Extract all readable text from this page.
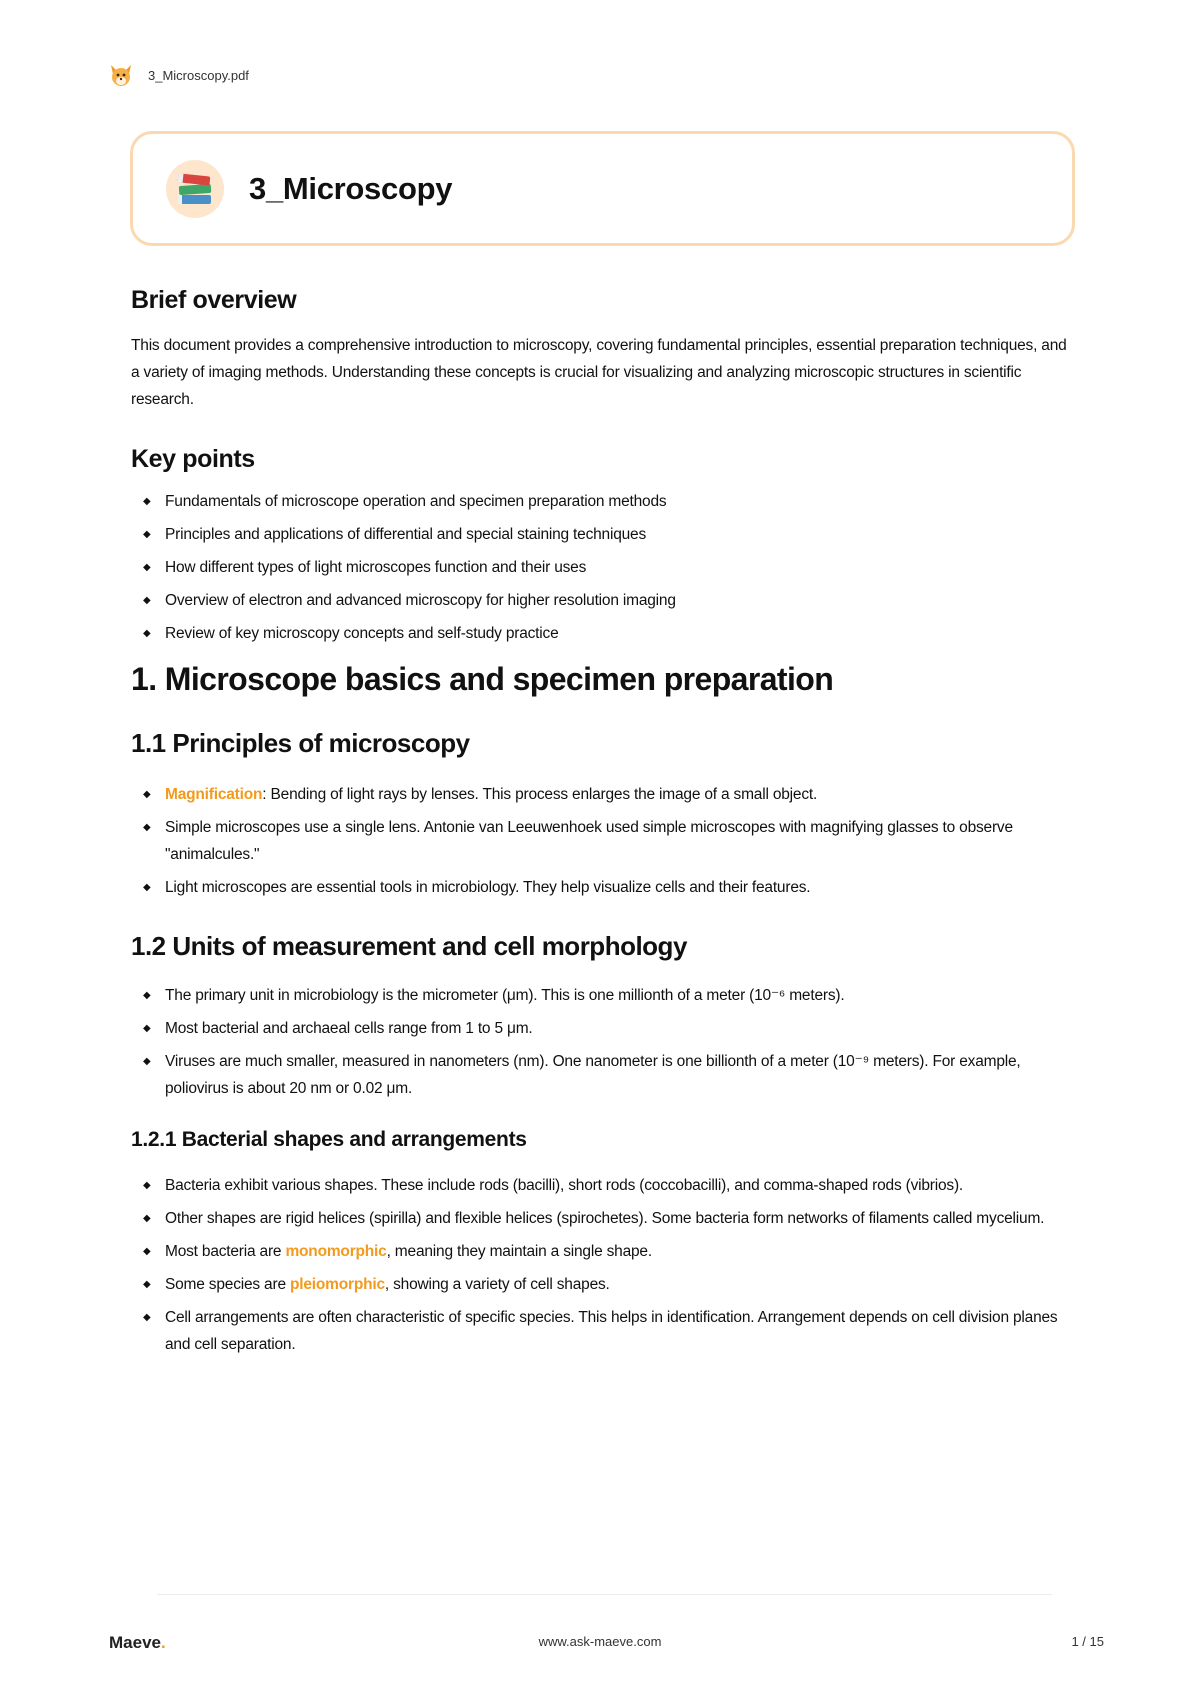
3_Microscopy.pdf
3_Microscopy
Brief overview

This document provides a comprehensive introduction to microscopy, covering fundamental principles, essential preparation techniques, and a variety of imaging methods. Understanding these concepts is crucial for visualizing and analyzing microscopic structures in scientific research.

Key points
◆ Fundamentals of microscope operation and specimen preparation methods
◆ Principles and applications of differential and special staining techniques
◆ How different types of light microscopes function and their uses
◆ Overview of electron and advanced microscopy for higher resolution imaging
◆ Review of key microscopy concepts and self-study practice
1. Microscope basics and specimen preparation
1.1 Principles of microscopy
◆ Magnification: Bending of light rays by lenses. This process enlarges the image of a small object.
◆ Simple microscopes use a single lens. Antonie van Leeuwenhoek used simple microscopes with magnifying glasses to observe "animalcules."
◆ Light microscopes are essential tools in microbiology. They help visualize cells and their features.
1.2 Units of measurement and cell morphology
◆ The primary unit in microbiology is the micrometer (μm). This is one millionth of a meter (10⁻⁶ meters).
◆ Most bacterial and archaeal cells range from 1 to 5 μm.
◆ Viruses are much smaller, measured in nanometers (nm). One nanometer is one billionth of a meter (10⁻⁹ meters). For example, poliovirus is about 20 nm or 0.02 μm.
1.2.1 Bacterial shapes and arrangements
◆ Bacteria exhibit various shapes. These include rods (bacilli), short rods (coccobacilli), and comma-shaped rods (vibrios).
◆ Other shapes are rigid helices (spirilla) and flexible helices (spirochetes). Some bacteria form networks of filaments called mycelium.
◆ Most bacteria are monomorphic, meaning they maintain a single shape.
◆ Some species are pleiomorphic, showing a variety of cell shapes.
◆ Cell arrangements are often characteristic of specific species. This helps in identification. Arrangement depends on cell division planes and cell separation.
Maeve.	www.ask-maeve.com	1 / 15
